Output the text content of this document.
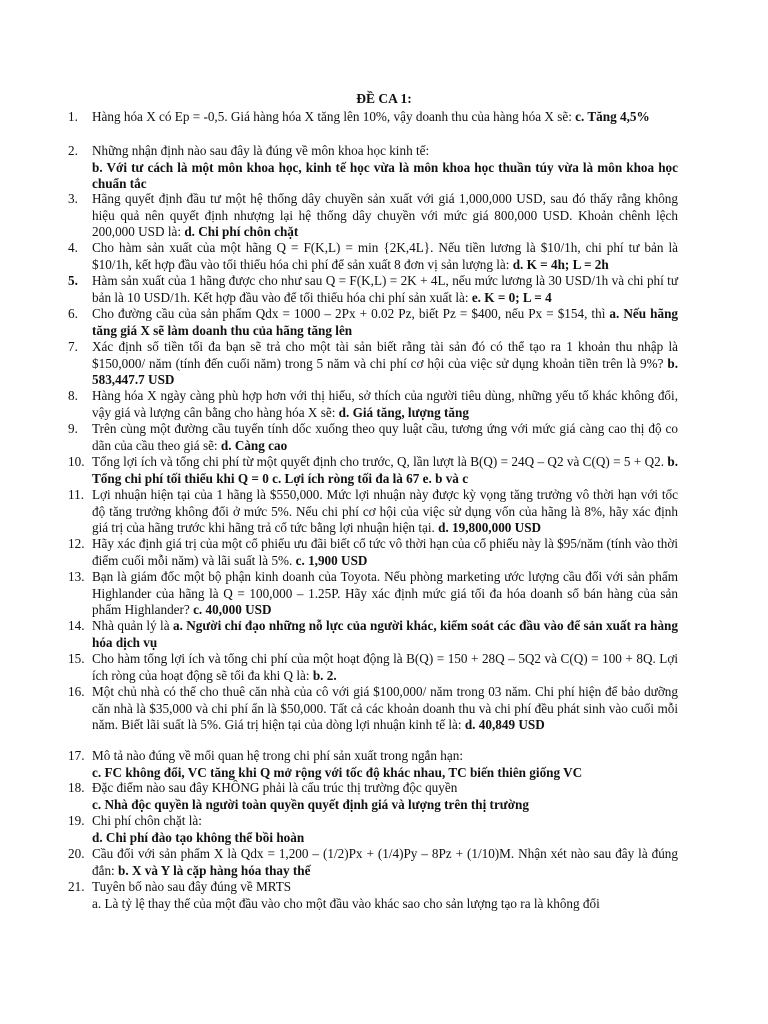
ĐỀ CA 1:
1.	Hàng hóa X có Ep = -0,5. Giá hàng hóa X tăng lên 10%, vậy doanh thu của hàng hóa X sẽ: c. Tăng 4,5%
2.	Những nhận định nào sau đây là đúng về môn khoa học kinh tế:
b. Với tư cách là một môn khoa học, kinh tế học vừa là môn khoa học thuần túy vừa là môn khoa học chuẩn tắc
3.	Hãng quyết định đầu tư một hệ thống dây chuyền sản xuất với giá 1,000,000 USD, sau đó thấy rằng không hiệu quả nên quyết định nhượng lại hệ thống dây chuyền với mức giá 800,000 USD. Khoản chênh lệch 200,000 USD là: d. Chi phí chôn chặt
4.	Cho hàm sản xuất của một hãng Q = F(K,L) = min {2K,4L}. Nếu tiền lương là $10/1h, chi phí tư bản là $10/1h, kết hợp đầu vào tối thiểu hóa chi phí để sản xuất 8 đơn vị sản lượng là: d. K = 4h; L = 2h
5.	Hàm sản xuất của 1 hãng được cho như sau Q = F(K,L) = 2K + 4L, nếu mức lương là 30 USD/1h và chi phí tư bản là 10 USD/1h. Kết hợp đầu vào để tối thiểu hóa chi phí sản xuất là: e. K = 0; L = 4
6.	Cho đường cầu của sản phẩm Qdx = 1000 – 2Px + 0.02 Pz, biết Pz = $400, nếu Px = $154, thì a. Nếu hãng tăng giá X sẽ làm doanh thu của hãng tăng lên
7.	Xác định số tiền tối đa bạn sẽ trả cho một tài sản biết rằng tài sản đó có thể tạo ra 1 khoản thu nhập là $150,000/ năm (tính đến cuối năm) trong 5 năm và chi phí cơ hội của việc sử dụng khoản tiền trên là 9%? b. 583,447.7 USD
8.	Hàng hóa X ngày càng phù hợp hơn với thị hiếu, sở thích của người tiêu dùng, những yếu tố khác không đổi, vậy giá và lượng cân bằng cho hàng hóa X sẽ: d. Giá tăng, lượng tăng
9.	Trên cùng một đường cầu tuyến tính dốc xuống theo quy luật cầu, tương ứng với mức giá càng cao thị độ co dãn của cầu theo giá sẽ: d. Càng cao
10. Tổng lợi ích và tổng chi phí từ một quyết định cho trước, Q, lần lượt là B(Q) = 24Q – Q2 và C(Q) = 5 + Q2. b. Tổng chi phí tối thiểu khi Q = 0 c. Lợi ích ròng tối đa là 67 e. b và c
11. Lợi nhuận hiện tại của 1 hãng là $550,000. Mức lợi nhuận này được kỳ vọng tăng trưởng vô thời hạn với tốc độ tăng trưởng không đổi ở mức 5%. Nếu chi phí cơ hội của việc sử dụng vốn của hãng là 8%, hãy xác định giá trị của hãng trước khi hãng trả cổ tức bằng lợi nhuận hiện tại. d. 19,800,000 USD
12. Hãy xác định giá trị của một cổ phiếu ưu đãi biết cổ tức vô thời hạn của cổ phiếu này là $95/năm (tính vào thời điểm cuối mỗi năm) và lãi suất là 5%. c. 1,900 USD
13. Bạn là giám đốc một bộ phận kinh doanh của Toyota. Nếu phòng marketing ước lượng cầu đối với sản phẩm Highlander của hãng là Q = 100,000 – 1.25P. Hãy xác định mức giá tối đa hóa doanh số bán hàng của sản phẩm Highlander? c. 40,000 USD
14. Nhà quản lý là a. Người chỉ đạo những nỗ lực của người khác, kiểm soát các đầu vào để sản xuất ra hàng hóa dịch vụ
15. Cho hàm tổng lợi ích và tổng chi phí của một hoạt động là B(Q) = 150 + 28Q – 5Q2 và C(Q) = 100 + 8Q. Lợi ích ròng của hoạt động sẽ tối đa khi Q là: b. 2.
16. Một chủ nhà có thể cho thuê căn nhà của cô với giá $100,000/ năm trong 03 năm. Chi phí hiện để bảo dưỡng căn nhà là $35,000 và chi phí ẩn là $50,000. Tất cả các khoản doanh thu và chi phí đều phát sinh vào cuối mỗi năm. Biết lãi suất là 5%. Giá trị hiện tại của dòng lợi nhuận kinh tế là: d. 40,849 USD
17. Mô tả nào đúng về mối quan hệ trong chi phí sản xuất trong ngắn hạn:
c. FC không đổi, VC tăng khi Q mở rộng với tốc độ khác nhau, TC biến thiên giống VC
18. Đặc điểm nào sau đây KHÔNG phải là cấu trúc thị trường độc quyền
c. Nhà độc quyền là người toàn quyền quyết định giá và lượng trên thị trường
19. Chi phí chôn chặt là:
d. Chi phí đào tạo không thể bồi hoàn
20. Cầu đối với sản phẩm X là Qdx = 1,200 – (1/2)Px + (1/4)Py – 8Pz + (1/10)M. Nhận xét nào sau đây là đúng đắn: b. X và Y là cặp hàng hóa thay thế
21. Tuyên bố nào sau đây đúng về MRTS
a. Là tỷ lệ thay thế của một đầu vào cho một đầu vào khác sao cho sản lượng tạo ra là không đổi
